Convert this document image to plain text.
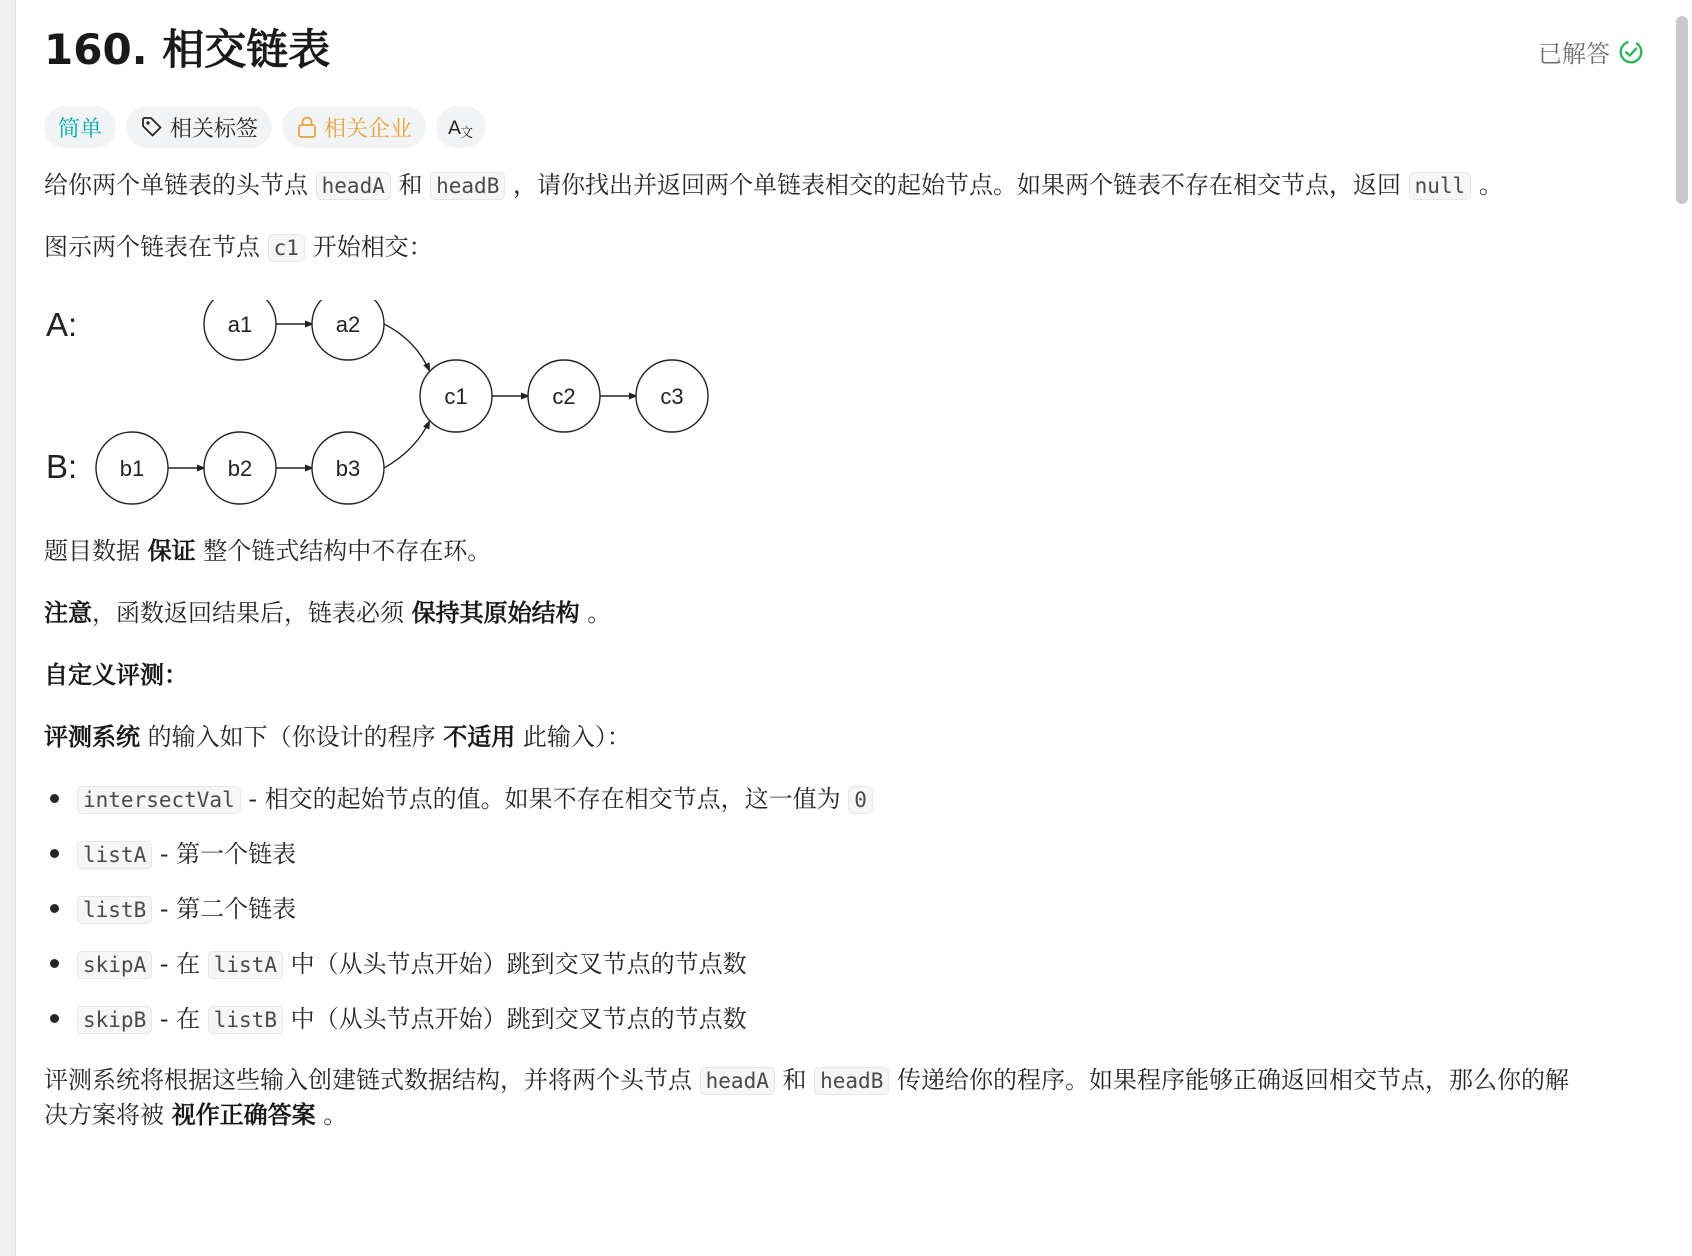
160. 相交链表	已解答
简单	相关标签	相关企业 A 文
给你两个单链表的头节点 headA 和 headB ，请你找出并返回两个单链表相交的起始节点。如果两个链表不存在相交节点，返回 null 。
图示两个链表在节点 c1 开始相交：
A:
B:
a1	a2
b1	b2	b3
c1	c2	c3
题目数据 保证 整个链式结构中不存在环。
注意，函数返回结果后，链表必须 保持其原始结构 。
自定义评测：
评测系统 的输入如下（你设计的程序 不适用 此输入）：
intersectVal - 相交的起始节点的值。如果不存在相交节点，这一值为 0
listA - 第一个链表
listB - 第二个链表
skipA - 在 listA 中（从头节点开始）跳到交叉节点的节点数
skipB - 在 listB 中（从头节点开始）跳到交叉节点的节点数
评测系统将根据这些输入创建链式数据结构，并将两个头节点 headA 和 headB 传递给你的程序。如果程序能够正确返回相交节点，那么你的解
决方案将被 视作正确答案 。
